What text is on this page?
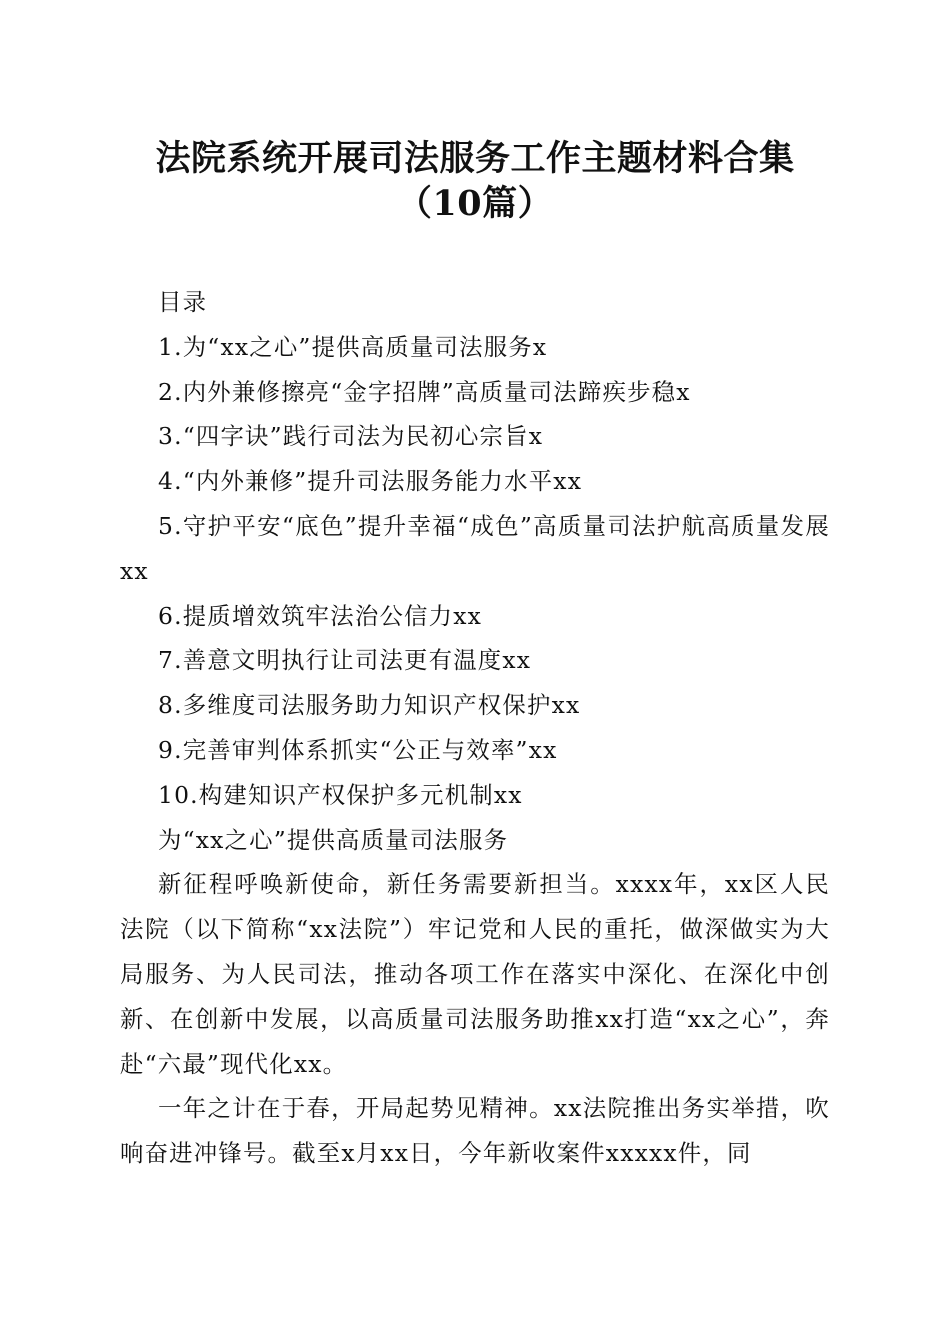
法院系统开展司法服务工作主题材料合集（10篇）
目录
1.为“xx之心”提供高质量司法服务x
2.内外兼修擦亮“金字招牌”高质量司法蹄疾步稳x
3.“四字诀”践行司法为民初心宗旨x
4.“内外兼修”提升司法服务能力水平xx
5.守护平安“底色”提升幸福“成色”高质量司法护航高质量发展xx
6.提质增效筑牢法治公信力xx
7.善意文明执行让司法更有温度xx
8.多维度司法服务助力知识产权保护xx
9.完善审判体系抓实“公正与效率”xx
10.构建知识产权保护多元机制xx
为“xx之心”提供高质量司法服务
新征程呼唤新使命，新任务需要新担当。xxxx年，xx区人民法院（以下简称“xx法院”）牢记党和人民的重托，做深做实为大局服务、为人民司法，推动各项工作在落实中深化、在深化中创新、在创新中发展，以高质量司法服务助推xx打造“xx之心”，奔赴“六最”现代化xx。
一年之计在于春，开局起势见精神。xx法院推出务实举措，吹响奋进冲锋号。截至x月xx日，今年新收案件xxxxx件，同
